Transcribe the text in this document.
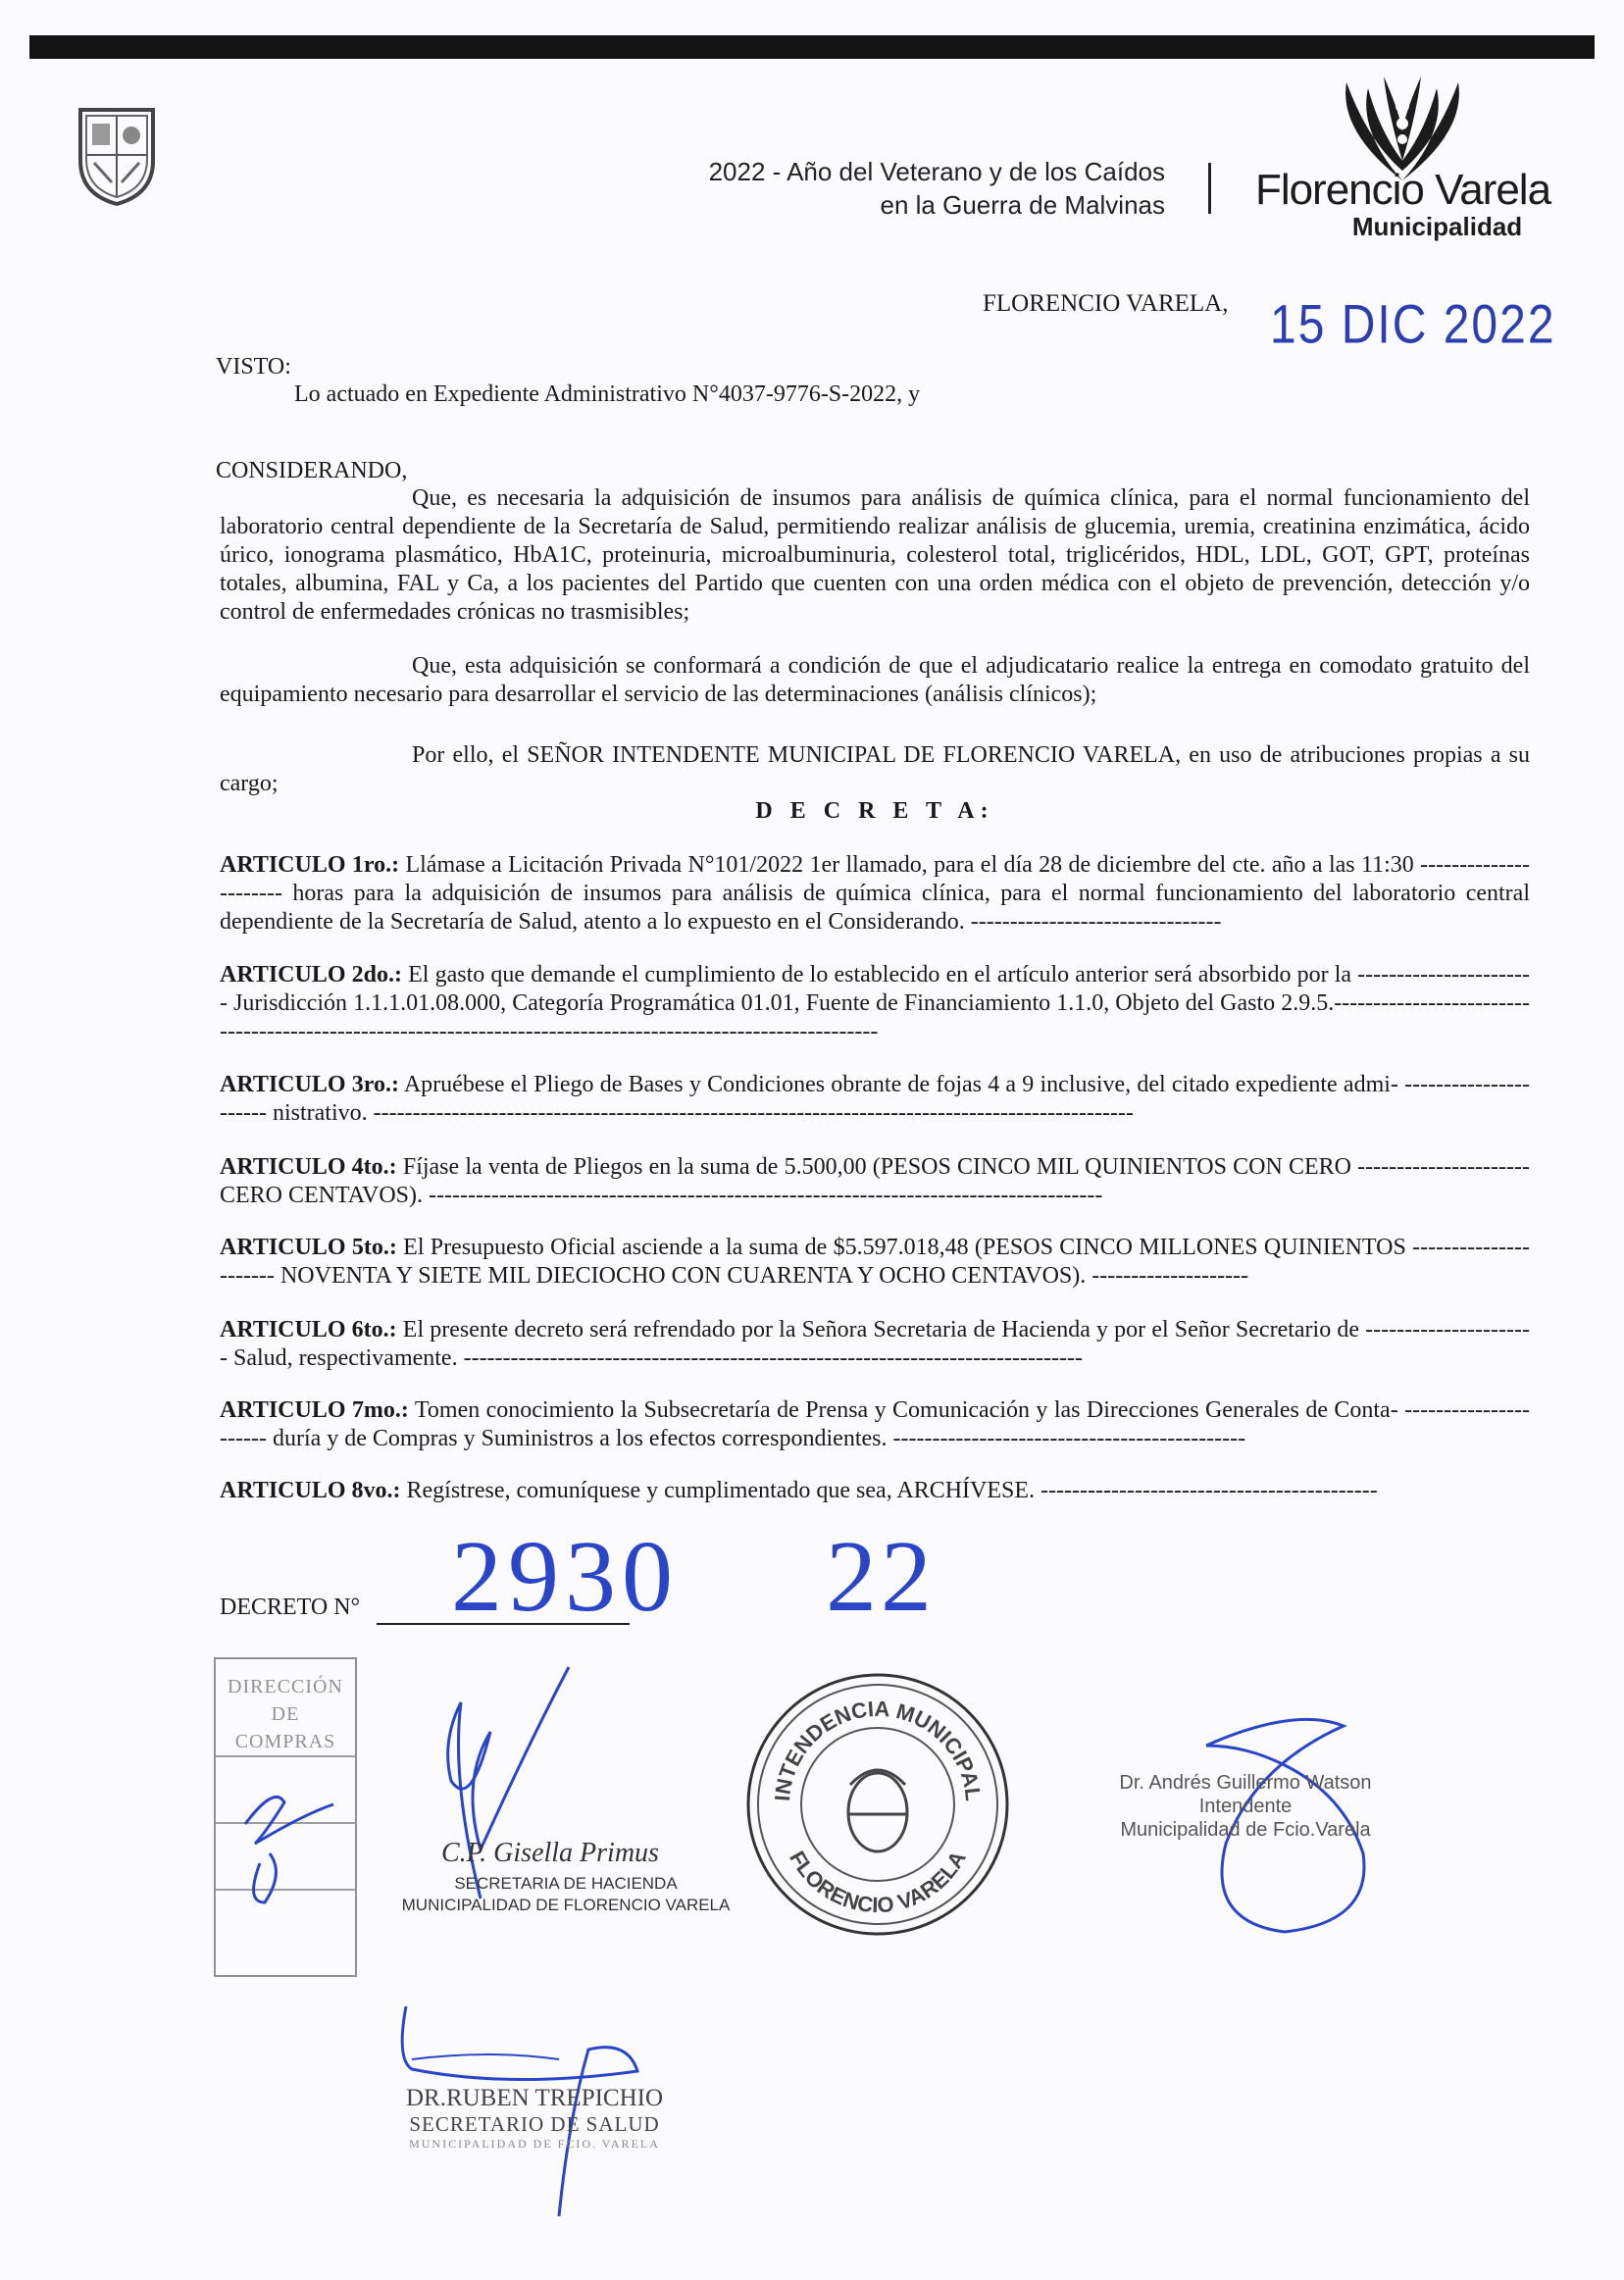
2022 - Año del Veterano y de los Caídos
en la Guerra de Malvinas Florencio Varela
Municipalidad
FLORENCIO VARELA, 15 DIC 2022
VISTO:
Lo actuado en Expediente Administrativo N°4037-9776-S-2022, y
CONSIDERANDO,

Que, es necesaria la adquisición de insumos para análisis de química clínica, para el normal funcionamiento del laboratorio central dependiente de la Secretaría de Salud, permitiendo realizar análisis de glucemia, uremia, creatinina enzimática, ácido úrico, ionograma plasmático, HbA1C, proteinuria, microalbuminuria, colesterol total, triglicéridos, HDL, LDL, GOT, GPT, proteínas totales, albumina, FAL y Ca, a los pacientes del Partido que cuenten con una orden médica con el objeto de prevención, detección y/o control de enfermedades crónicas no trasmisibles;

Que, esta adquisición se conformará a condición de que el adjudicatario realice la entrega en comodato gratuito del equipamiento necesario para desarrollar el servicio de las determinaciones (análisis clínicos);

Por ello, el SEÑOR INTENDENTE MUNICIPAL DE FLORENCIO VARELA, en uso de atribuciones propias a su cargo;

D E C R E T A:

ARTICULO 1ro.: Llámase a Licitación Privada N°101/2022 1er llamado, para el día 28 de diciembre del cte. año a las 11:30 ---------------------- horas para la adquisición de insumos para análisis de química clínica, para el normal funcionamiento del laboratorio central dependiente de la Secretaría de Salud, atento a lo expuesto en el Considerando. --------------------------------

ARTICULO 2do.: El gasto que demande el cumplimiento de lo establecido en el artículo anterior será absorbido por la ----------------------- Jurisdicción 1.1.1.01.08.000, Categoría Programática 01.01, Fuente de Financiamiento 1.1.0, Objeto del Gasto 2.9.5.-------------------------------------------------------------------------------------------------------------

ARTICULO 3ro.: Apruébese el Pliego de Bases y Condiciones obrante de fojas 4 a 9 inclusive, del citado expediente admi- ---------------------- nistrativo. -------------------------------------------------------------------------------------------------

ARTICULO 4to.: Fíjase la venta de Pliegos en la suma de 5.500,00 (PESOS CINCO MIL QUINIENTOS CON CERO ---------------------- CERO CENTAVOS). --------------------------------------------------------------------------------------

ARTICULO 5to.: El Presupuesto Oficial asciende a la suma de $5.597.018,48 (PESOS CINCO MILLONES QUINIENTOS ---------------------- NOVENTA Y SIETE MIL DIECIOCHO CON CUARENTA Y OCHO CENTAVOS). --------------------

ARTICULO 6to.: El presente decreto será refrendado por la Señora Secretaria de Hacienda y por el Señor Secretario de ---------------------- Salud, respectivamente. -------------------------------------------------------------------------------

ARTICULO 7mo.: Tomen conocimiento la Subsecretaría de Prensa y Comunicación y las Direcciones Generales de Conta- ---------------------- duría y de Compras y Suministros a los efectos correspondientes. ---------------------------------------------

ARTICULO 8vo.: Regístrese, comuníquese y cumplimentado que sea, ARCHÍVESE. -------------------------------------------

DECRETO N° 2930 22
DIRECCIÓN
DE
COMPRAS
C.P. Gisella Primus
SECRETARIA DE HACIENDA
MUNICIPALIDAD DE FLORENCIO VARELA
INTENDENCIA MUNICIPAL
FLORENCIO VARELA
Dr. Andrés Guillermo Watson
Intendente
Municipalidad de Fcio.Varela
DR.RUBEN TREPICHIO
SECRETARIO DE SALUD
MUNICIPALIDAD DE FCIO. VARELA
